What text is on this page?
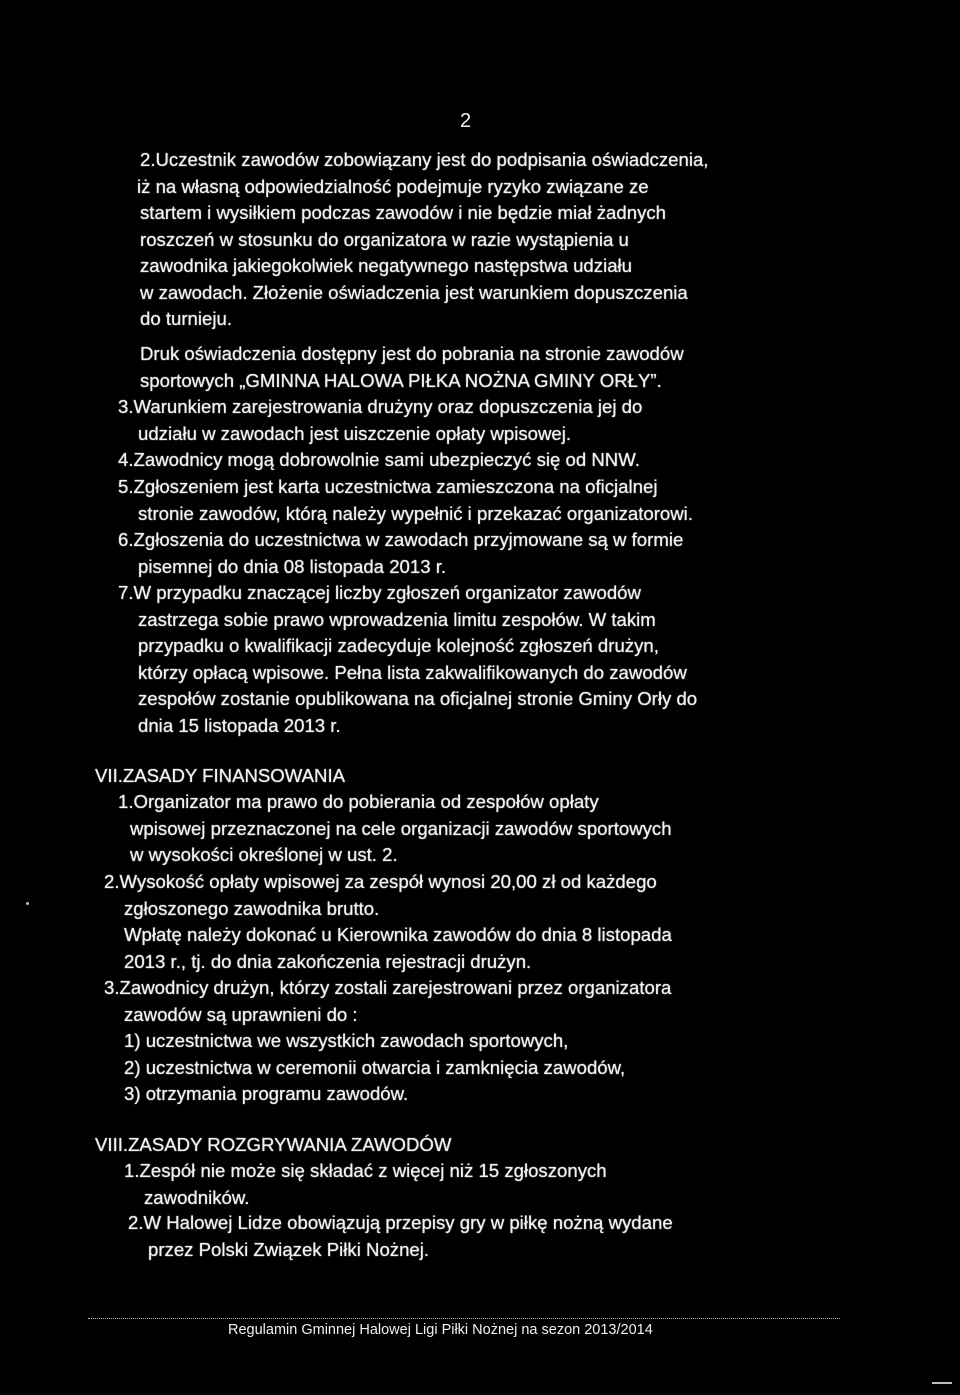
2
2.Uczestnik zawodów zobowiązany jest do podpisania oświadczenia,
iż na własną odpowiedzialność podejmuje ryzyko związane ze
startem i wysiłkiem podczas zawodów i nie będzie miał żadnych
roszczeń w stosunku do organizatora w razie wystąpienia u
zawodnika jakiegokolwiek negatywnego następstwa udziału
w zawodach. Złożenie oświadczenia jest warunkiem dopuszczenia
do turnieju.
Druk oświadczenia dostępny jest do pobrania na stronie zawodów
sportowych „GMINNA HALOWA PIŁKA NOŻNA GMINY ORŁY”.
3.Warunkiem zarejestrowania drużyny oraz dopuszczenia jej do
udziału w zawodach jest uiszczenie opłaty wpisowej.
4.Zawodnicy mogą dobrowolnie sami ubezpieczyć się od NNW.
5.Zgłoszeniem jest karta uczestnictwa zamieszczona na oficjalnej
stronie zawodów, którą należy wypełnić i przekazać organizatorowi.
6.Zgłoszenia do uczestnictwa w zawodach przyjmowane są w formie
pisemnej do dnia 08 listopada 2013 r.
7.W przypadku znaczącej liczby zgłoszeń organizator zawodów
zastrzega sobie prawo wprowadzenia limitu zespołów. W takim
przypadku o kwalifikacji zadecyduje kolejność zgłoszeń drużyn,
którzy opłacą wpisowe. Pełna lista zakwalifikowanych do zawodów
zespołów zostanie opublikowana na oficjalnej stronie Gminy Orły do
dnia 15 listopada 2013 r.
VII.ZASADY FINANSOWANIA
1.Organizator ma prawo do pobierania od zespołów opłaty
wpisowej przeznaczonej na cele organizacji zawodów sportowych
w wysokości określonej w ust. 2.
2.Wysokość opłaty wpisowej za zespół wynosi 20,00 zł od każdego
zgłoszonego zawodnika brutto.
Wpłatę należy dokonać u Kierownika zawodów do dnia 8 listopada
2013 r., tj. do dnia zakończenia rejestracji drużyn.
3.Zawodnicy drużyn, którzy zostali zarejestrowani przez organizatora
zawodów są uprawnieni do :
1) uczestnictwa we wszystkich zawodach sportowych,
2) uczestnictwa w ceremonii otwarcia i zamknięcia zawodów,
3) otrzymania programu zawodów.
VIII.ZASADY ROZGRYWANIA ZAWODÓW
1.Zespół nie może się składać z więcej niż 15 zgłoszonych
zawodników.
2.W Halowej Lidze obowiązują przepisy gry w piłkę nożną wydane
przez Polski Związek Piłki Nożnej.
Regulamin Gminnej Halowej Ligi Piłki Nożnej na sezon 2013/2014
